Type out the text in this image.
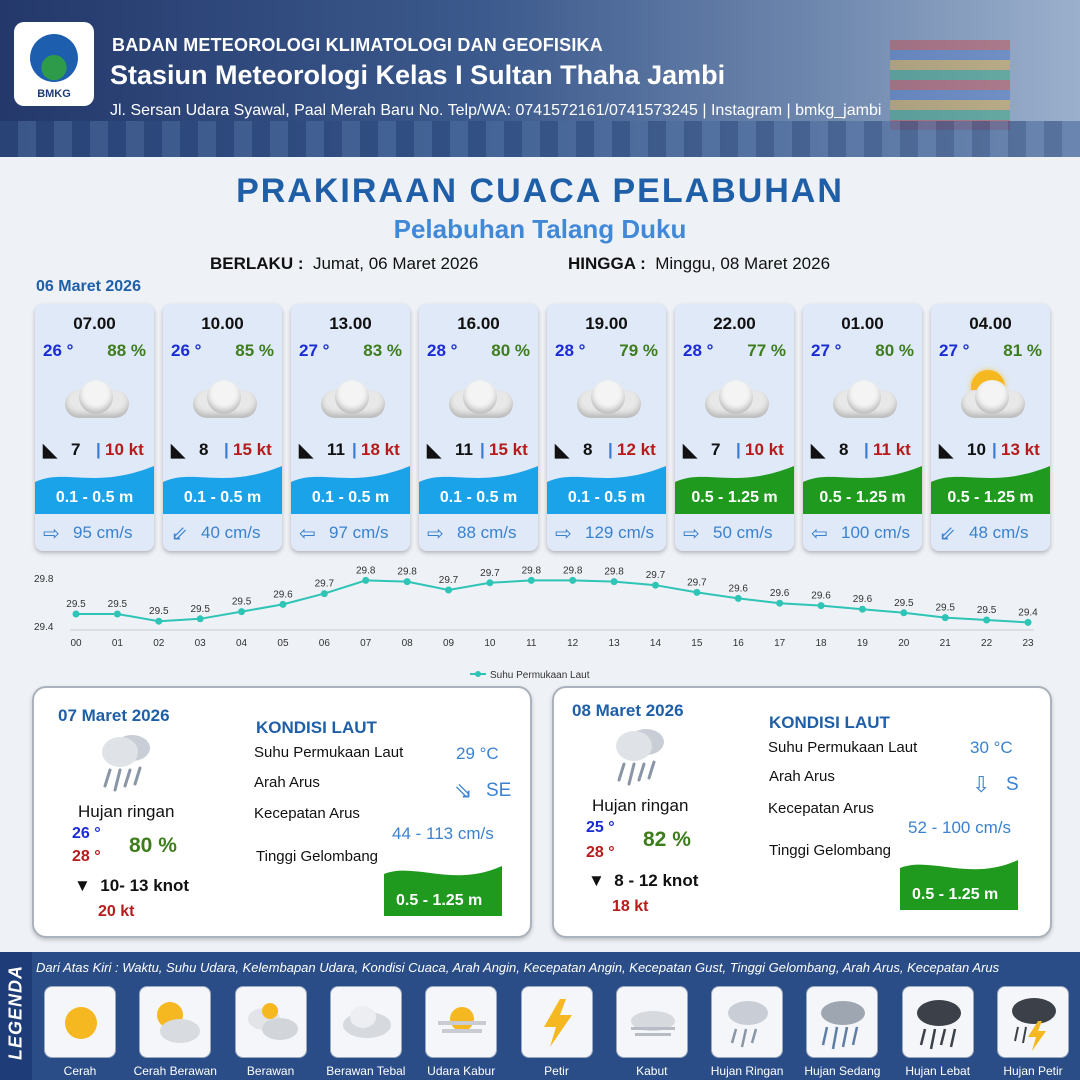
BMKG
BADAN METEOROLOGI KLIMATOLOGI DAN GEOFISIKA
Stasiun Meteorologi Kelas I Sultan Thaha Jambi
Jl. Sersan Udara Syawal, Paal Merah Baru No. Telp/WA: 0741572161/0741573245 | Instagram | bmkg_jambi
PRAKIRAAN CUACA PELABUHAN
Pelabuhan Talang Duku
BERLAKU : Jumat, 06 Maret 2026	HINGGA : Minggu, 08 Maret 2026
06 Maret 2026
07.00
26 ° 88 %
◣ 7 | 10 kt
0.1 - 0.5 m
⇨ 95 cm/s
10.00
26 ° 85 %
◣ 8 | 15 kt
0.1 - 0.5 m
⇙ 40 cm/s
13.00
27 ° 83 %
◣ 11 | 18 kt
0.1 - 0.5 m
⇦ 97 cm/s
16.00
28 ° 80 %
◣ 11 | 15 kt
0.1 - 0.5 m
⇨ 88 cm/s
19.00
28 ° 79 %
◣ 8 | 12 kt
0.1 - 0.5 m
⇨ 129 cm/s
22.00
28 ° 77 %
◣ 7 | 10 kt
0.5 - 1.25 m
⇨ 50 cm/s
01.00
27 ° 80 %
◣ 8 | 11 kt
0.5 - 1.25 m
⇦ 100 cm/s
04.00
27 ° 81 %
◣ 10 | 13 kt
0.5 - 1.25 m
⇙ 48 cm/s
29.8
29.4
29.5 29.5
29.5 29.5
29.5
29.6
29.7
29.8 29.8
29.7
29.7 29.8 29.8 29.8 29.7
29.7
29.6 29.6 29.6 29.6 29.5 29.5 29.5 29.4
00	01	02	03	04	05	06	07	08	09	10	11	12	13	14	15	16	17	18	19	20	21	22	23
Suhu Permukaan Laut
07 Maret 2026
Hujan ringan
26 °
28 ° 80 %
▼ 10- 13 knot
20 kt
KONDISI LAUT
Suhu Permukaan Laut	29 °C
Arah Arus	⇘ SE
Kecepatan Arus
44 - 113 cm/s
Tinggi Gelombang
0.5 - 1.25 m
08 Maret 2026
Hujan ringan
25 °
28 °
82 %
▼ 8 - 12 knot
18 kt
KONDISI LAUT
Suhu Permukaan Laut	30 °C
Arah Arus	⇩ S
Kecepatan Arus
52 - 100 cm/s
Tinggi Gelombang
0.5 - 1.25 m
LEGENDA Dari Atas Kiri : Waktu, Suhu Udara, Kelembapan Udara, Kondisi Cuaca, Arah Angin, Kecepatan Angin, Kecepatan Gust, Tinggi Gelombang, Arah Arus, Kecepatan Arus
Cerah	Cerah Berawan	Berawan	Berawan Tebal	Udara Kabur	Petir	Kabut	Hujan Ringan	Hujan Sedang	Hujan Lebat	Hujan Petir
